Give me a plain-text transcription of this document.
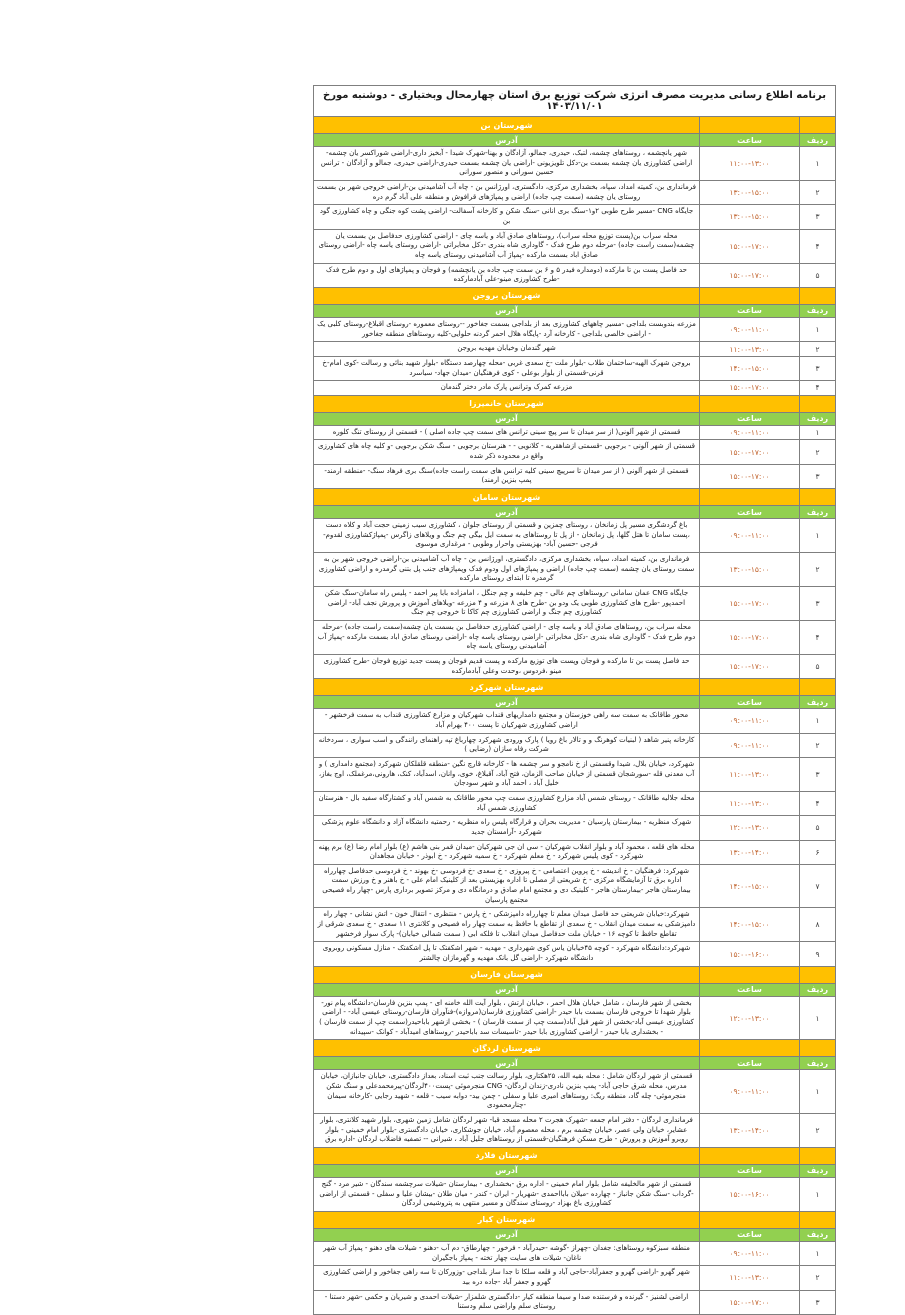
برنامه اطلاع رسانی مدیریت مصرف انرژی شرکت توزیع برق استان چهارمحال وبختیاری - دوشنبه مورخ ۱۴۰۳/۱۱/۰۱
		شهرستان بن
ردیف	ساعت	آدرس
۱	۱۱:۰۰-۱۳:۰۰	شهر یانچشمه ، روستاهای چشمه، لتبک، حیدری، جمالو، آزادگان و بهنا-شهرک شیدا - آبخیز داری-اراضی شوراکسر یان چشمه- اراضی کشاورزی یان چشمه بسمت بن-دکل تلویزیونی -اراضی یان چشمه بسمت حیدری-اراضی حیدری، جمالو و آزادگان - ترانس حسین سورانی و منصور سورانی
۲	۱۳:۰۰-۱۵:۰۰	فرمانداری بن، کمیته امداد، سپاه، بخشداری مرکزی، دادگستری، اورژانس بن - چاه آب آشامیدنی بن-اراضی خروجی شهر بن بسمت روستای یان چشمه (سمت چپ جاده) اراضی و پمپاژهای قرافوش و منطقه علی آباد گرم دره
۳	۱۳:۰۰-۱۵:۰۰	جایگاه CNG -مسیر طرح طوبی ۲و۱-سنگ بری انانی -سنگ شکن و کارخانه آسفالت- اراضی پشت کوه جنگی و چاه کشاورزی گود بن
۴	۱۵:۰۰-۱۷:۰۰	محله سراب بن(پست توزیع محله سراب)، روستاهای صادق آباد و یاسه چای - اراضی کشاورزی حدفاصل بن بسمت یان چشمه(سمت راست جاده) -مرحله دوم طرح فدک - گاوداری شاه بندری -دکل مخابراتی -اراضی روستای یاسه چاه -اراضی روستای صادق اباد بسمت مارکده -پمپاژ آب آشامیدنی روستای یاسه چاه
۵	۱۵:۰۰-۱۷:۰۰	حد فاصل پست بن تا مارکده (دومداره فیدر ۵ و ۶ بن سمت چپ جاده بن یانچشمه) و فوجان و پمپاژهای اول و دوم طرح فدک -طرح کشاورزی مینو-علی آبادمارکده
		شهرستان بروجن
ردیف	ساعت	آدرس
۱	۰۹:۰۰-۱۱:۰۰	مزرعه بندوبست بلداجی -مسیر چاههای کشاورزی بعد از بلداجی بسمت جغاخور --روستای معموره -روستای اقبلاغ-روستای کلبی یک - اراضی خالصی بلداجی - کارخانه آرد -پایگاه هلال احمر گردنه حلوایی-کلیه روستاهای منطقه جغاخور
۲	۱۱:۰۰-۱۳:۰۰	شهر گندمان وخیابان مهدیه بروجن
۳	۱۴:۰۰-۱۵:۰۰	بروجن شهرک الهیه-ساختمان طلاب -بلوار ملت -خ سعدی غربی -محله چهارصد دستگاه -بلوار شهید بنائی و رسالت -کوی امام-خ قرنی-قسمتی از بلوار بوعلی - کوی فرهنگیان -میدان جهاد- سیاسرد
۴	۱۵:۰۰-۱۷:۰۰	مزرعه کمرک وترانس پارک مادر دختر گندمان
		شهرستان خانمیرزا
ردیف	ساعت	آدرس
۱	۰۹:۰۰-۱۱:۰۰	قسمتی از شهر آلونی( از سر میدان تا سر پیچ سینی ترانس های سمت چپ جاده اصلی ) - قسمتی از روستای تنگ کلوره
۲	۱۵:۰۰-۱۷:۰۰	قسمتی از شهر آلونی - برجویی -قسمتی ازشاهقریه - کلانویی - - هنرستان برجویی - سنگ شکن برجویی -و کلیه چاه های کشاورزی واقع در محدوده ذکر شده
۳	۱۵:۰۰-۱۷:۰۰	قسمتی از شهر آلونی ( از سر میدان تا سرپیچ سینی کلیه ترانس های سمت راست جاده)سنگ بری فرهاد سنگ- -منطقه ارمند- پمپ بنزین ارمند)
		شهرستان سامان
ردیف	ساعت	آدرس
۱	۰۹:۰۰-۱۱:۰۰	باغ گردشگری مسیر پل زمانخان ، روستای چمزین و قسمتی از روستای جلوان ، کشاورزی سیب زمینی حجت آباد و کلاه دست ،پست سامان تا هتل گلها، پل زمانخان - از پل تا روستاهای به سمت ایل بیگی چم جنگ و ویلاهای زاگرس -پمپاژکشاورزی لقدوم- فرجی -حسین آباد- بهزیستی واحرار وطوبی - مرغداری موسوی
۲	۱۳:۰۰-۱۵:۰۰	فرمانداری بن، کمیته امداد، سپاه، بخشداری مرکزی، دادگستری، اورژانس بن - چاه آب آشامیدنی بن-اراضی خروجی شهر بن به سمت روستای یان چشمه (سمت چپ جاده) اراضی و پمپاژهای اول ودوم فدک وپمپاژهای جنب پل بتنی گرمدره و اراضی کشاورزی گرمدره تا ابتدای روستای مارکده
۳	۱۵:۰۰-۱۷:۰۰	جایگاه CNG عمان سامانی -روستاهای چم عالی - چم خلیفه و چم جنگل ، امامزاده بابا پیر احمد - پلیس راه سامان-سنگ شکن احمدپور -طرح های کشاورزی طوبی یک ودو بن -طرح های ۸ مزرعه و ۴ مزرعه -ویلاهای آموزش و پرورش نجف آباد- اراضی کشاورزی چم جنگ و اراضی کشاورزی چم کاکا تا خروجی چم جنگ
۴	۱۵:۰۰-۱۷:۰۰	محله سراب بن، روستاهای صادق آباد و یاسه چای - اراضی کشاورزی حدفاصل بن بسمت یان چشمه(سمت راست جاده) -مرحله دوم طرح فدک - گاوداری شاه بندری -دکل مخابراتی -اراضی روستای یاسه چاه -اراضی روستای صادق اباد بسمت مارکده -پمپاژ آب آشامیدنی روستای یاسه چاه
۵	۱۵:۰۰-۱۷:۰۰	حد فاصل پست بن تا مارکده و فوجان وپست های توزیع مارکده و پست قدیم فوجان و پست جدید توزیع فوجان -طرح کشاورزی مینو ،فردوس ،وحدت وعلی آبادمارکده
		شهرستان شهرکرد
ردیف	ساعت	آدرس
۱	۰۹:۰۰-۱۱:۰۰	محور طاقانک به سمت سه راهی خوزستان و مجتمع دامداریهای قنداب شهرکیان و مزارع کشاورزی قنداب به سمت فرخشهر - اراضی کشاورزی شهرکیان تا پست ۴۰۰ بهرام آباد
۲	۰۹:۰۰-۱۱:۰۰	کارخانه پنیر شاهد ( لبنیات کوهرنگ و و تالار باغ رویا ) پارک ورودی شهرکرد چهارباغ تپه راهنمای رانندگی و اسب سواری ، سردخانه شرکت رفاه سازان (رضایی )
۳	۱۱:۰۰-۱۳:۰۰	شهرکرد، خیابان بلال، شیدا وقسمتی از خ نامجو و سر چشمه ها - کارخانه قارچ نگین -منطقه قلقلکان شهرکرد (مجتمع دامداری ) و آب معدنی قله -سورشجان قسمتی از خیابان صاحب الزمان، فتح آباد، آقبلاغ، خوی، وانان، اسدآباد، کنک، هارونی،مرغملک، اوج بغاز، خلیل آباد ، احمد آباد و شهر سودجان
۴	۱۱:۰۰-۱۳:۰۰	محله جلالیه طاقانک - روستای شمس آباد مزارع کشاورزی سمت چپ محور طاقانک به شمس آباد و کشتارگاه سفید بال - هنرستان کشاورزی شمس آباد
۵	۱۲:۰۰-۱۳:۰۰	شهرک منظریه - بیمارستان پارسیان - مدیریت بحران و قرارگاه پلیس راه منظریه - رحمتیه دانشگاه آزاد و دانشگاه علوم پزشکی شهرکرد -آرامستان جدید
۶	۱۳:۰۰-۱۴:۰۰	محله های قلعه ، محمود آباد و بلوار انقلاب شهرکیان - سی ان جی شهرکیان -میدان قمر بنی هاشم (ع) بلوار امام رضا (ع) برم پهنه شهرکرد - کوی پلیس شهرکرد - خ معلم شهرکرد - خ سمیه شهرکرد - خ ابوذر - خیابان مجاهدان
۷	۱۴:۰۰-۱۵:۰۰	شهرکرد: فرهنگیان - خ اندیشه - خ پروین اعتصامی - خ پیروزی - خ سعدی -خ فردوسی -خ بهوند - خ فردوسی حدفاصل چهارراه اداره برق تا آزمایشگاه مرکزی - خ شریعتی از مصلی تا اداره بهزیستی بعد از کلینیک امام علی - خ باهنر و خ ورزش سمت بیمارستان هاجر -بیمارستان هاجر - کلینیک دی و مجتمع امام صادق و درمانگاه دی و مرکز تصویر برداری پارس -چهار راه فصیحی مجتمع پارسیان
۸	۱۴:۰۰-۱۵:۰۰	شهرکرد:خیابان شریعتی حد فاصل میدان معلم تا چهارراه دامپزشکی - خ پارس - منتظری - انتقال خون - اتش نشانی - چهار راه دامپزشکی به سمت میدان انقلاب - خ سعدی از تقاطع با حافظ به سمت چهار راه فصیحی و کلانتری ۱۱ سعدی - خ سعدی شرقی از تقاطع حافظ تا کوچه ۱۶ - خیابان ملت حدفاصل میدان انقلاب تا فلکه ابی ( سمت شمالی خیابان)- پارک سوار فرخشهر
۹	۱۵:۰۰-۱۶:۰۰	شهرکرد:دانشگاه شهرکرد - کوچه ۴۵خیابان یاس کوی شهرداری - مهدیه - شهر اشکفتک تا پل اشکفتک - منازل مسکونی روبروی دانشگاه شهرکرد -اراضی گل بانک مهدیه و گهرمازان چالشتر
		شهرستان فارسان
ردیف	ساعت	آدرس
۱	۱۲:۰۰-۱۳:۰۰	بخشی از شهر فارسان ، شامل خیابان هلال احمر ، خیابان ارتش ، بلوار آیت الله خامنه ای - پمپ بنزین فارسان-دانشگاه پیام نور- بلوار شهدا تا خروجی فارسان بسمت بابا حیدر -اراضی کشاورزی فارسان(مروازه)-فنآوران فارسان-روستای عیسی آباد- - اراضی کشاورزی عیسی آباد-بخشی از شهر فیل آباد(سمت چپ از سمت فارسان ) - بخشی ازشهر باباحیدر(سمت چپ از سمت فارسان ) - بخشداری بابا حیدر - اراضی کشاورزی بابا حیدر -تاسیسات سد باباحیدر -روستاهای امیدآباد - کوانک -سپیدانه
		شهرستان لردگان
ردیف	ساعت	آدرس
۱	۰۹:۰۰-۱۱:۰۰	قسمتی از شهر لردگان شامل : محله بقیه الله، ۲۵هکتاری، بلوار رسالت جنب ثبت اسناد، بعداز دادگستری، خیابان جانبازان، خیابان مدرس، محله شرق حاجی آباد- پمپ بنزین نادری-زندان لردگان- CNG منجرموئی -پست۴۰۰لردگان-پیرمحمدعلی و سنگ شکن منجرموئی- چله گاد، منطقه ریگ: روستاهای امیری علیا و سفلی - چمن بید- دوابه سیب - قلعه - شهید رجایی -کارخانه سیمان -چنارمحمودی
۲	۱۳:۰۰-۱۴:۰۰	فرمانداری لردگان - دفتر امام جمعه -شهرک هجرت ۲ محله مسجد قبا- شهر لردگان شامل زمین شهری، بلوار شهید کلانتری، بلوار عشایر، خیابان ولی عصر، خیابان چشمه برم ، محله معصوم آباد، خیابان جوشکاری، خیابان دادگستری -بلوار امام خمینی - بلوار روبرو آموزش و پرورش - طرح مسکن فرهنگیان-قسمتی از روستاهای جلیل آباد ، شیرانی -- تصفیه فاضلاب لردگان -اداره برق
		شهرستان فلارد
ردیف	ساعت	آدرس
۱	۱۵:۰۰-۱۶:۰۰	قسمتی از شهر مالخلیفه شامل بلوار امام خمینی - اداره برق -بخشداری - بیمارستان -شیلات سرچشمه سندگان - شیر مرد - گنج -گرداب -سنگ شکن جانباز - چهارده -میلان بابااحمدی -شهریار - ایران - کندر - میان طلان -بیشان علیا و سفلی - قسمتی از اراضی کشاورزی باغ بهزاد -روستای سندگان و مسیر منتهی به پتروشیمی لردگان
		شهرستان کیار
ردیف	ساعت	آدرس
۱	۰۹:۰۰-۱۱:۰۰	منطقه سبزکوه روستاهای: جغدان -چهراز -گوشه -حیدرآباد - فرخور - چهارطاق- دم آب -دهنو - شیلات های دهنو - پمپاژ آب شهر ناغان- شیلات های سایت چهار تخته - پمپاژ باجگیران
۲	۱۱:۰۰-۱۳:۰۰	شهر گهرو -اراضی گهرو و جعفرآباد-حاجی آباد و قلعه سلکا تا جدا ساز بلداجی -وزورکان تا سه راهی جغاخور و اراضی کشاورزی گهرو و جعفر آباد -جاده دره بید
۳	۱۵:۰۰-۱۷:۰۰	اراضی لشنیز - گیرنده و فرستنده صدا و سیما منطقه کیار -دادگستری شلمزار -شیلات احمدی و شیریان و حکمی -شهر دستنا - روستای سلم واراضی سلم ودستنا
